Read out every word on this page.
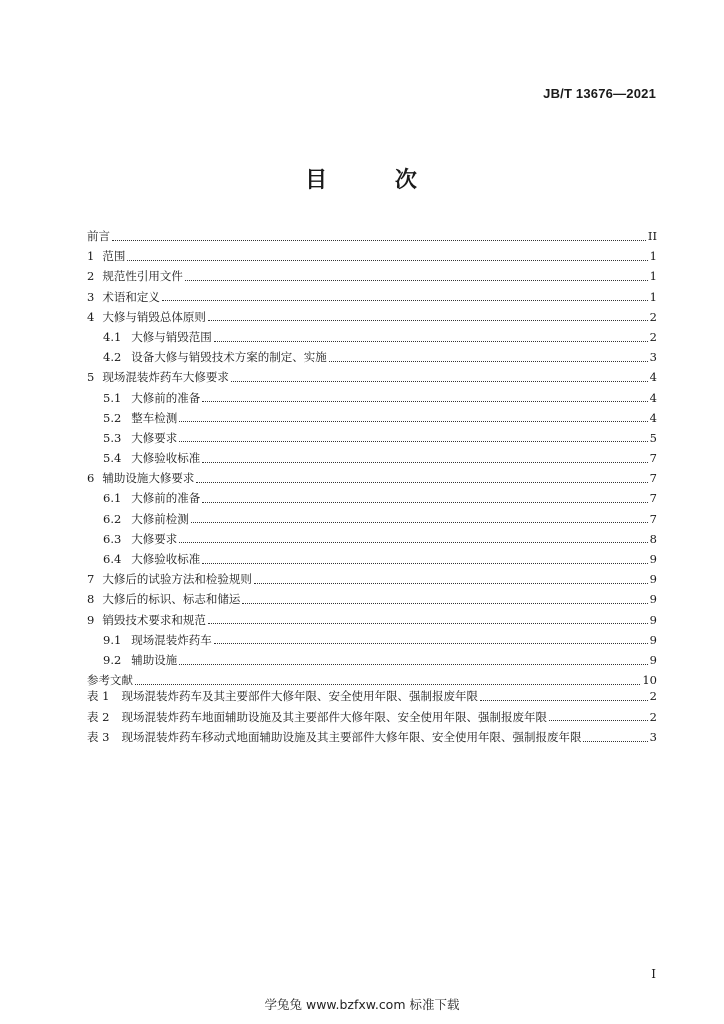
JB/T 13676—2021
目 次
前言	II
1 范围	1
2 规范性引用文件	1
3 术语和定义	1
4 大修与销毁总体原则	2
4.1 大修与销毁范围	2
4.2 设备大修与销毁技术方案的制定、实施	3
5 现场混装炸药车大修要求	4
5.1 大修前的准备	4
5.2 整车检测	4
5.3 大修要求	5
5.4 大修验收标准	7
6 辅助设施大修要求	7
6.1 大修前的准备	7
6.2 大修前检测	7
6.3 大修要求	8
6.4 大修验收标准	9
7 大修后的试验方法和检验规则	9
8 大修后的标识、标志和储运	9
9 销毁技术要求和规范	9
9.1 现场混装炸药车	9
9.2 辅助设施	9
参考文献	10
表 1 现场混装炸药车及其主要部件大修年限、安全使用年限、强制报废年限	2
表 2 现场混装炸药车地面辅助设施及其主要部件大修年限、安全使用年限、强制报废年限	2
表 3 现场混装炸药车移动式地面辅助设施及其主要部件大修年限、安全使用年限、强制报废年限	3
I
学兔兔 www.bzfxw.com 标准下载
